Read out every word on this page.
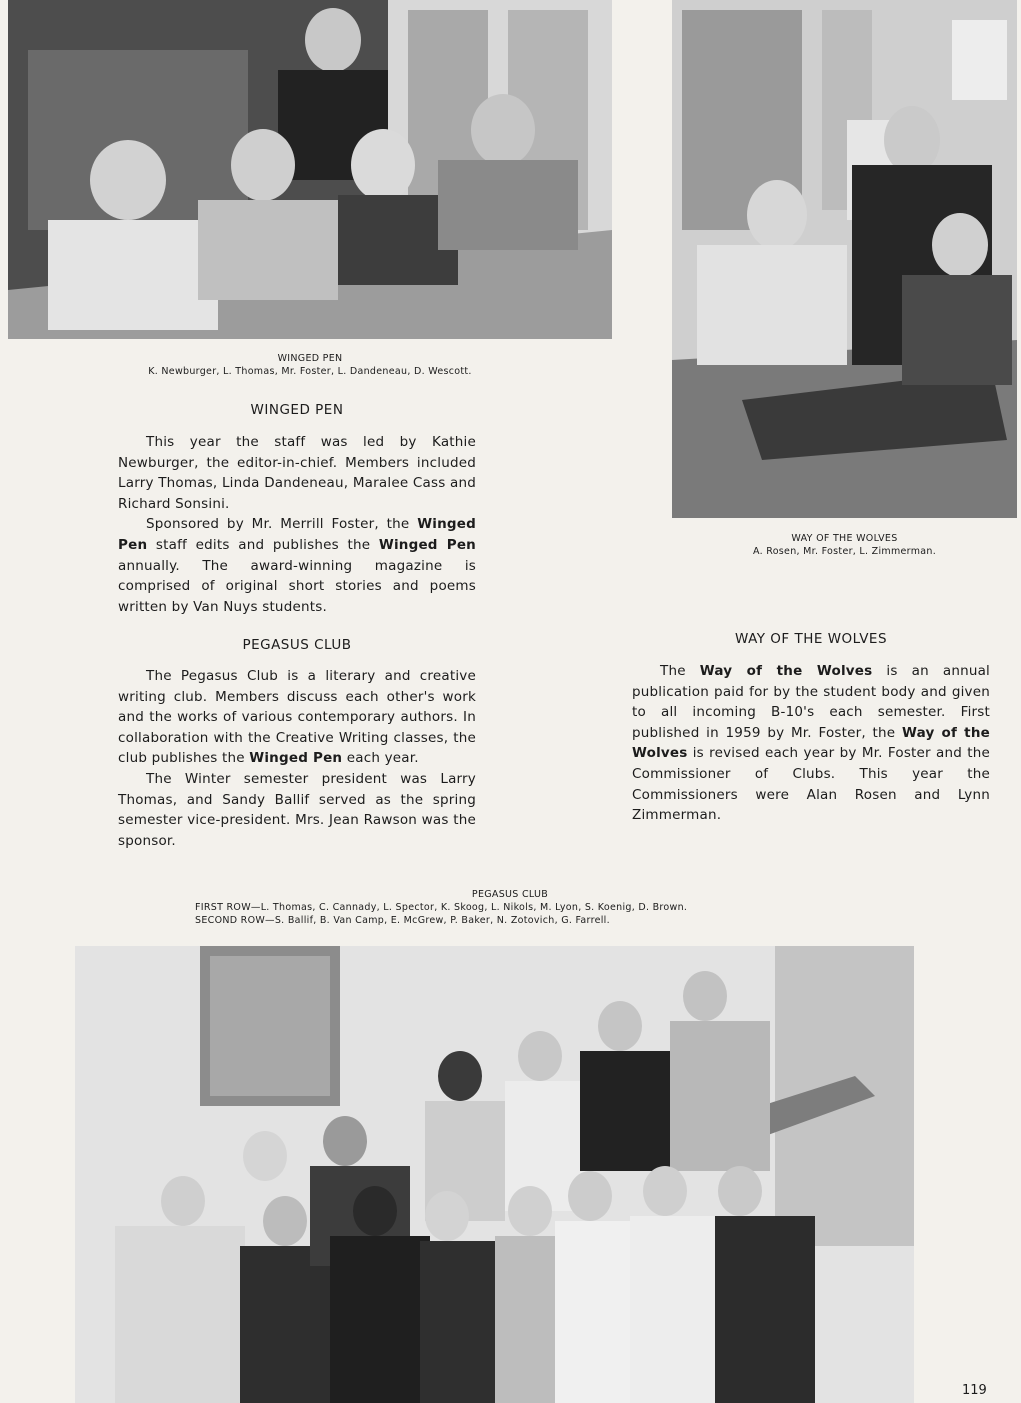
WINGED PEN
K. Newburger, L. Thomas, Mr. Foster, L. Dandeneau, D. Wescott.
WAY OF THE WOLVES
A. Rosen, Mr. Foster, L. Zimmerman.
WINGED PEN

This year the staff was led by Kathie Newburger, the editor-in-chief. Members included Larry Thomas, Linda Dandeneau, Maralee Cass and Richard Sonsini.

Sponsored by Mr. Merrill Foster, the Winged Pen staff edits and publishes the Winged Pen annually. The award-winning magazine is comprised of original short stories and poems written by Van Nuys students.

PEGASUS CLUB

The Pegasus Club is a literary and creative writing club. Members discuss each other's work and the works of various contemporary authors. In collaboration with the Creative Writing classes, the club publishes the Winged Pen each year.

The Winter semester president was Larry Thomas, and Sandy Ballif served as the spring semester vice-president. Mrs. Jean Rawson was the sponsor.

WAY OF THE WOLVES

The Way of the Wolves is an annual publication paid for by the student body and given to all incoming B-10's each semester. First published in 1959 by Mr. Foster, the Way of the Wolves is revised each year by Mr. Foster and the Commissioner of Clubs. This year the Commissioners were Alan Rosen and Lynn Zimmerman.

PEGASUS CLUB
FIRST ROW—L. Thomas, C. Cannady, L. Spector, K. Skoog, L. Nikols, M. Lyon, S. Koenig, D. Brown.
SECOND ROW—S. Ballif, B. Van Camp, E. McGrew, P. Baker, N. Zotovich, G. Farrell.
119
